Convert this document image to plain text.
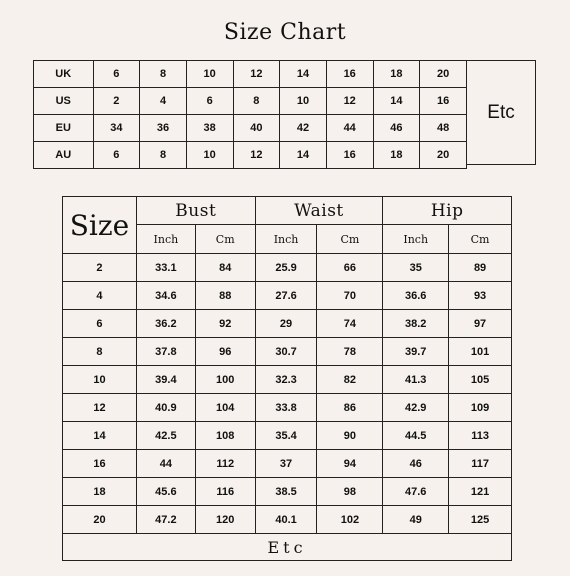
Size Chart
UK	6	8	10	12	14	16	18	20
US	2	4	6	8	10	12	14	16
EU	34	36	38	40	42	44	46	48
AU	6	8	10	12	14	16	18	20
Etc
Size	Bust		Waist		Hip	
	Inch	Cm	Inch	Cm	Inch	Cm
2	33.1	84	25.9	66	35	89
4	34.6	88	27.6	70	36.6	93
6	36.2	92	29	74	38.2	97
8	37.8	96	30.7	78	39.7	101
10	39.4	100	32.3	82	41.3	105
12	40.9	104	33.8	86	42.9	109
14	42.5	108	35.4	90	44.5	113
16	44	112	37	94	46	117
18	45.6	116	38.5	98	47.6	121
20	47.2	120	40.1	102	49	125
Etc						
